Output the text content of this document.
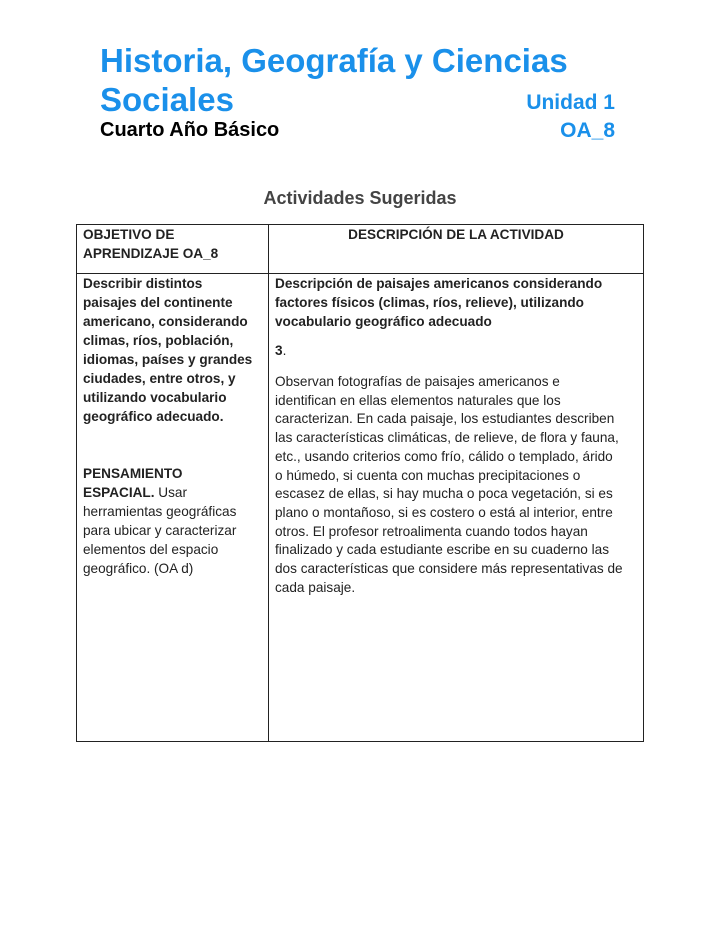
Historia, Geografía y Ciencias
Sociales	Unidad 1
Cuarto Año Básico	OA_8
Actividades Sugeridas
OBJETIVO DE
APRENDIZAJE OA_8
DESCRIPCIÓN DE LA ACTIVIDAD
Describir distintos
paisajes del continente
americano, considerando
climas, ríos, población,
idiomas, países y grandes
ciudades, entre otros, y
utilizando vocabulario
geográfico adecuado.
PENSAMIENTO
ESPACIAL. Usar
herramientas geográficas
para ubicar y caracterizar
elementos del espacio
geográfico. (OA d)
Descripción de paisajes americanos considerando
factores físicos (climas, ríos, relieve), utilizando
vocabulario geográfico adecuado
3.
Observan fotografías de paisajes americanos e
identifican en ellas elementos naturales que los
caracterizan. En cada paisaje, los estudiantes describen
las características climáticas, de relieve, de flora y fauna,
etc., usando criterios como frío, cálido o templado, árido
o húmedo, si cuenta con muchas precipitaciones o
escasez de ellas, si hay mucha o poca vegetación, si es
plano o montañoso, si es costero o está al interior, entre
otros. El profesor retroalimenta cuando todos hayan
finalizado y cada estudiante escribe en su cuaderno las
dos características que considere más representativas de
cada paisaje.
